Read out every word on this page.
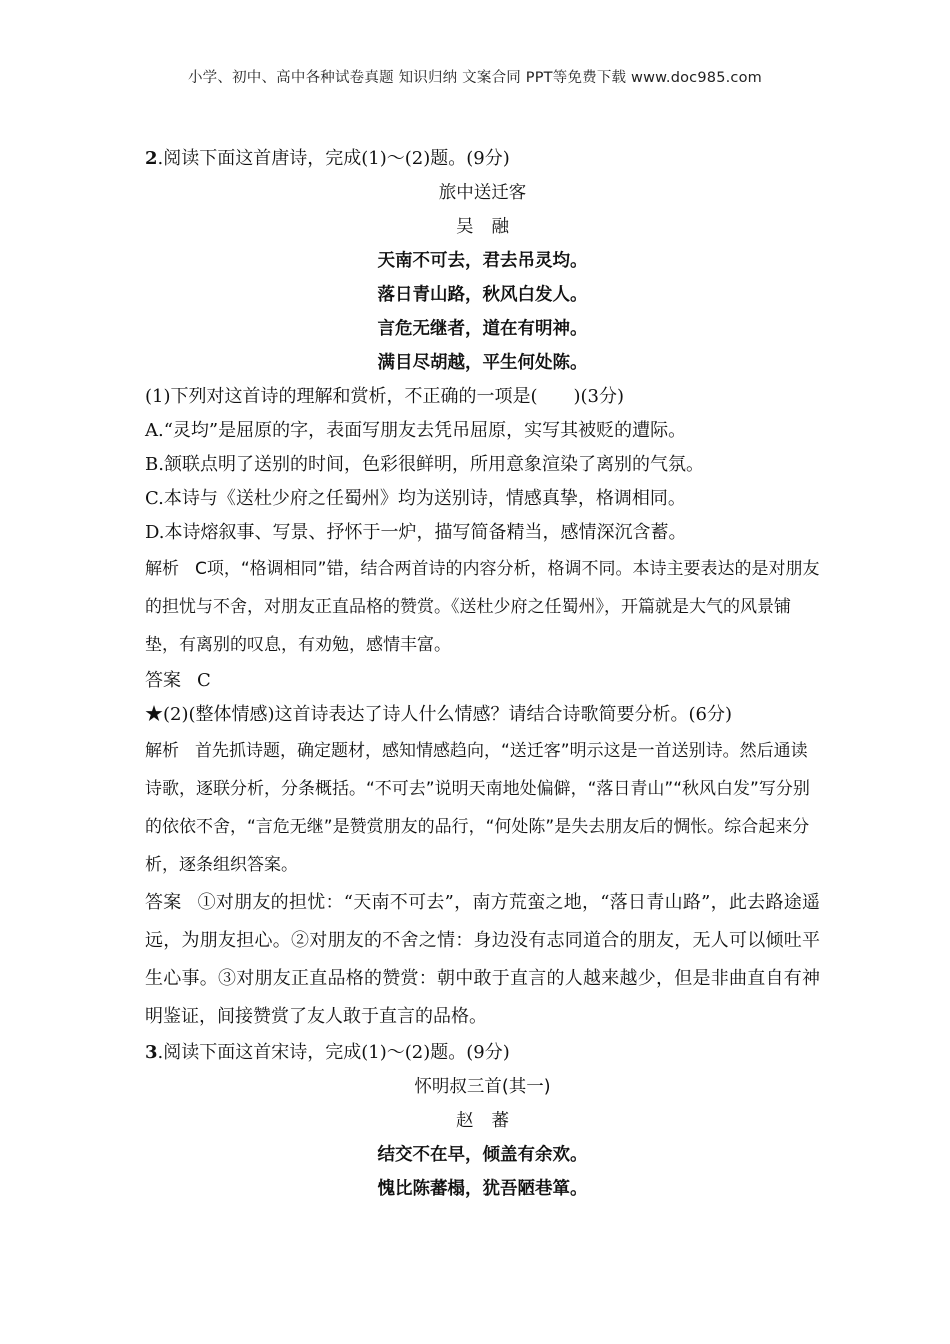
小学、初中、高中各种试卷真题 知识归纳 文案合同 PPT等免费下载 www.doc985.com
2.阅读下面这首唐诗，完成(1)～(2)题。(9分)
旅中送迁客
吴融
天南不可去，君去吊灵均。
落日青山路，秋风白发人。
言危无继者，道在有明神。
满目尽胡越，平生何处陈。
(1)下列对这首诗的理解和赏析，不正确的一项是(　　)(3分)
A.“灵均”是屈原的字，表面写朋友去凭吊屈原，实写其被贬的遭际。
B.颔联点明了送别的时间，色彩很鲜明，所用意象渲染了离别的气氛。
C.本诗与《送杜少府之任蜀州》均为送别诗，情感真挚，格调相同。
D.本诗熔叙事、写景、抒怀于一炉，描写简备精当，感情深沉含蓄。
解析 C项，“格调相同”错，结合两首诗的内容分析，格调不同。本诗主要表达的是对朋友的担忧与不舍，对朋友正直品格的赞赏。《送杜少府之任蜀州》，开篇就是大气的风景铺垫，有离别的叹息，有劝勉，感情丰富。
答案 C
★(2)(整体情感)这首诗表达了诗人什么情感？请结合诗歌简要分析。(6分)
解析 首先抓诗题，确定题材，感知情感趋向，“送迁客”明示这是一首送别诗。然后通读诗歌，逐联分析，分条概括。“不可去”说明天南地处偏僻，“落日青山”“秋风白发”写分别的依依不舍，“言危无继”是赞赏朋友的品行，“何处陈”是失去朋友后的惆怅。综合起来分析，逐条组织答案。
答案 ①对朋友的担忧：“天南不可去”，南方荒蛮之地，“落日青山路”，此去路途遥远，为朋友担心。②对朋友的不舍之情：身边没有志同道合的朋友，无人可以倾吐平生心事。③对朋友正直品格的赞赏：朝中敢于直言的人越来越少，但是非曲直自有神明鉴证，间接赞赏了友人敢于直言的品格。
3.阅读下面这首宋诗，完成(1)～(2)题。(9分)
怀明叔三首(其一)
赵蕃
结交不在早，倾盖有余欢。
愧比陈蕃榻，犹吾陋巷箪。
